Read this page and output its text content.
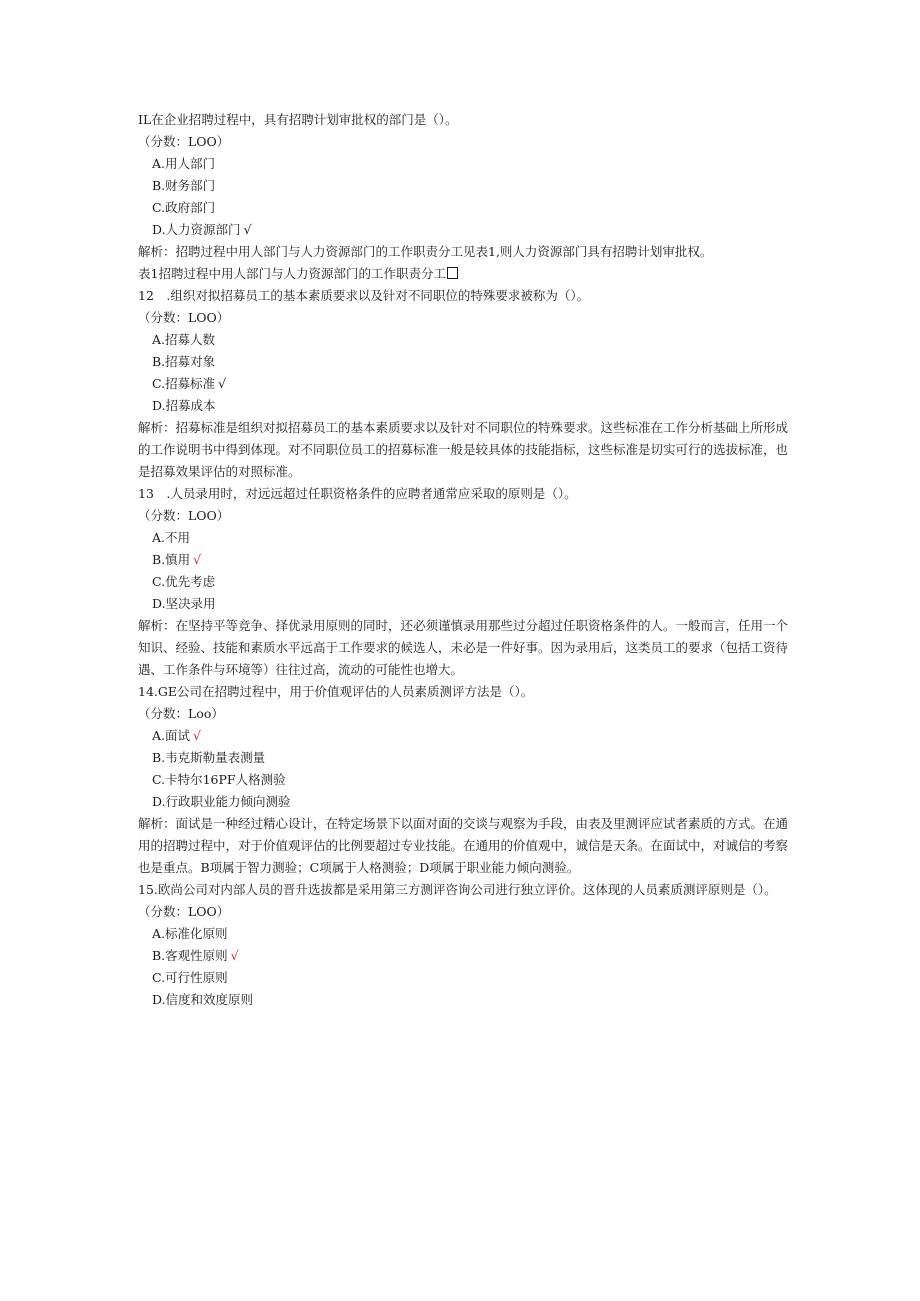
IL在企业招聘过程中，具有招聘计划审批权的部门是（）。
（分数：LOO）
A.用人部门
B.财务部门
C.政府部门
D.人力资源部门 √
解析：招聘过程中用人部门与人力资源部门的工作职责分工见表1,则人力资源部门具有招聘计划审批权。
表1招聘过程中用人部门与人力资源部门的工作职责分工
12　.组织对拟招募员工的基本素质要求以及针对不同职位的特殊要求被称为（）。
（分数：LOO）
A.招募人数
B.招募对象
C.招募标准 √
D.招募成本
解析：招募标准是组织对拟招募员工的基本素质要求以及针对不同职位的特殊要求。这些标准在工作分析基础上所形成的工作说明书中得到体现。对不同职位员工的招募标准一般是较具体的技能指标，这些标准是切实可行的选拔标准，也是招募效果评估的对照标准。
13　.人员录用时，对远远超过任职资格条件的应聘者通常应采取的原则是（）。
（分数：LOO）
A.不用
B.慎用 √
C.优先考虑
D.坚决录用
解析：在坚持平等竞争、择优录用原则的同时，还必须谨慎录用那些过分超过任职资格条件的人。一般而言，任用一个知识、经验、技能和素质水平远高于工作要求的候选人，未必是一件好事。因为录用后，这类员工的要求（包括工资待遇、工作条件与环境等）往往过高，流动的可能性也增大。
14.GE公司在招聘过程中，用于价值观评估的人员素质测评方法是（）。
（分数：Loo）
A.面试 √
B.韦克斯勒量表测量
C.卡特尔16PF人格测验
D.行政职业能力倾向测验
解析：面试是一种经过精心设计，在特定场景下以面对面的交谈与观察为手段，由表及里测评应试者素质的方式。在通用的招聘过程中，对于价值观评估的比例要超过专业技能。在通用的价值观中，诚信是天条。在面试中，对诚信的考察也是重点。B项属于智力测验；C项属于人格测验；D项属于职业能力倾向测验。
15.欧尚公司对内部人员的晋升选拔都是采用第三方测评咨询公司进行独立评价。这体现的人员素质测评原则是（）。
（分数：LOO）
A.标准化原则
B.客观性原则 √
C.可行性原则
D.信度和效度原则
